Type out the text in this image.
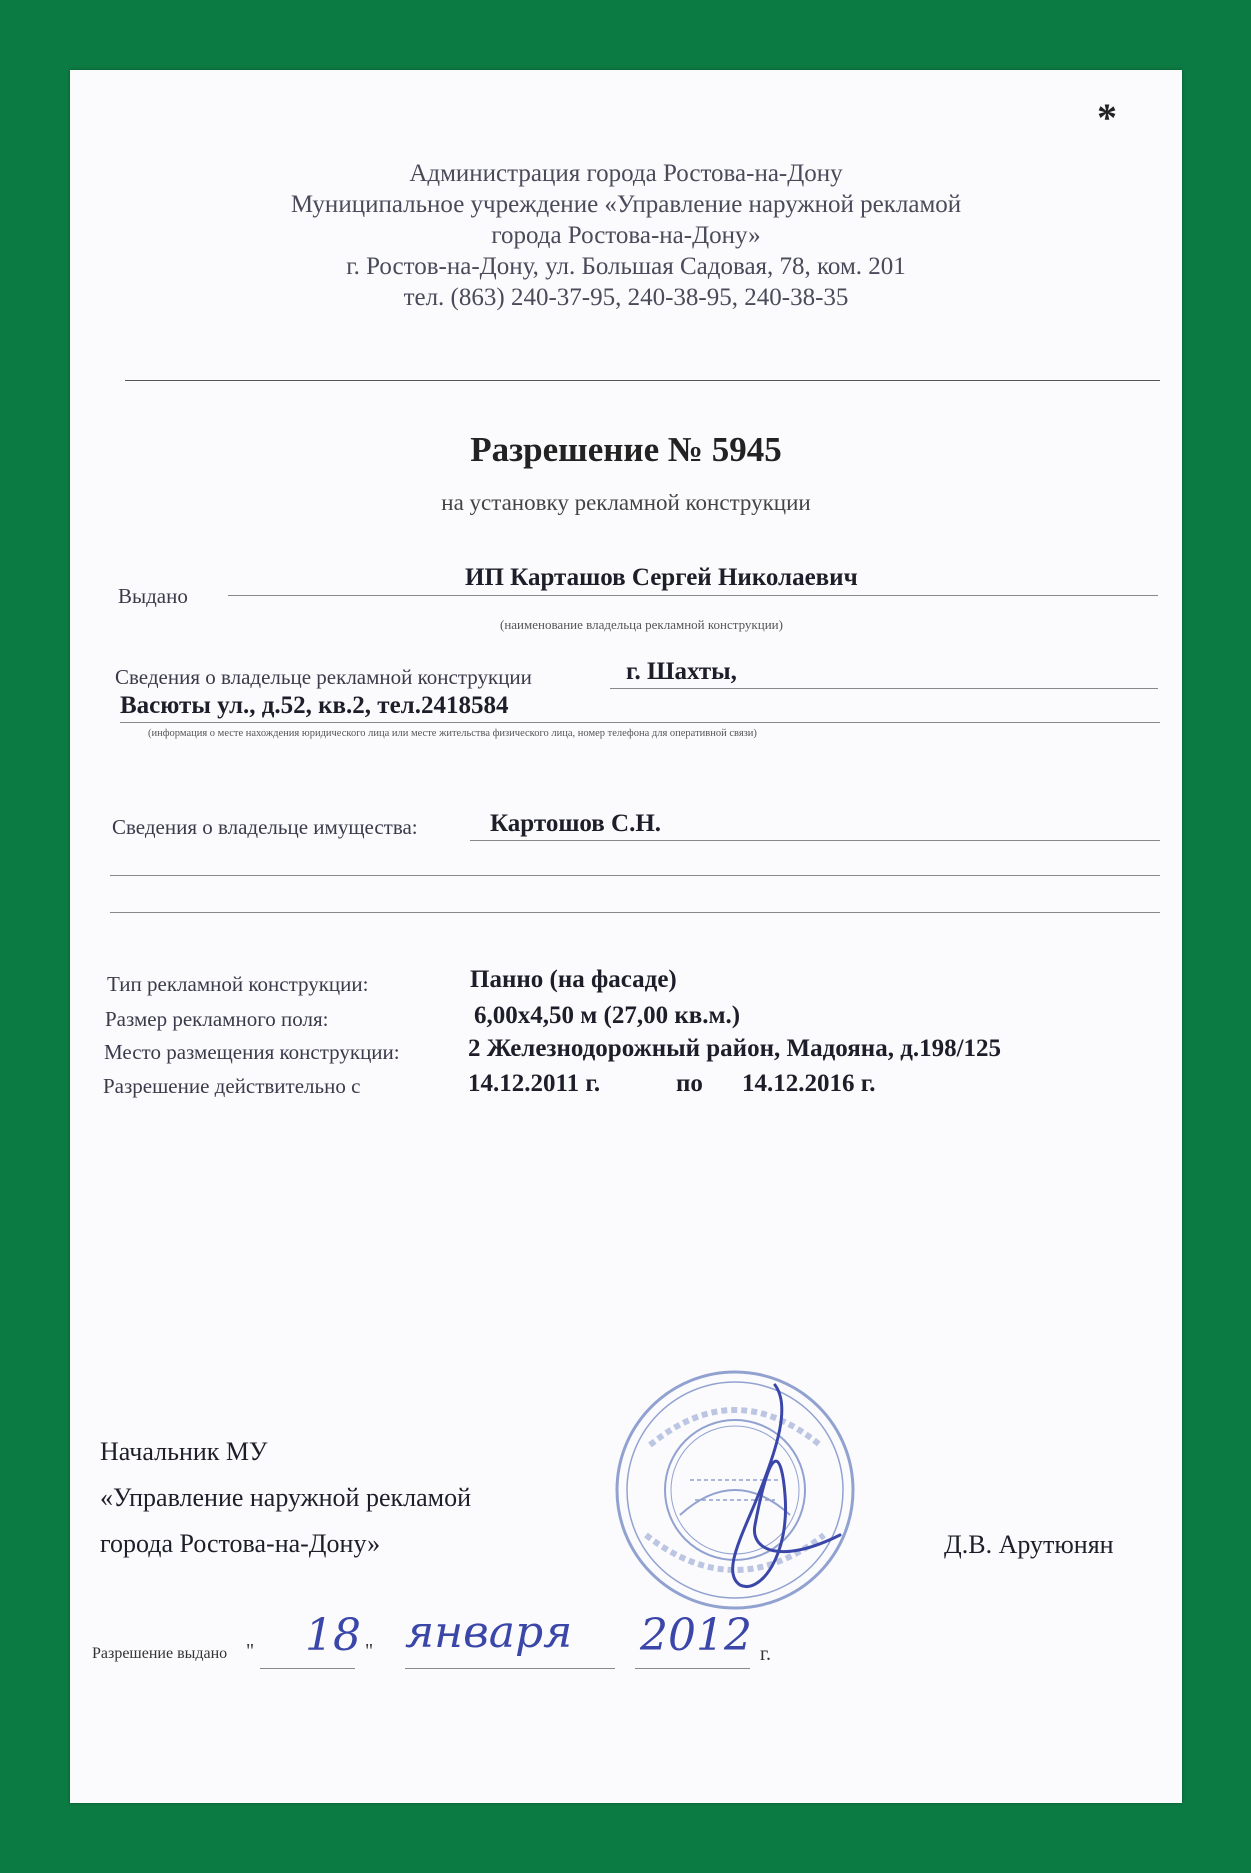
*
Администрация города Ростова-на-Дону
Муниципальное учреждение «Управление наружной рекламой
города Ростова-на-Дону»
г. Ростов-на-Дону, ул. Большая Садовая, 78, ком. 201
тел. (863) 240-37-95, 240-38-95, 240-38-35
Разрешение № 5945
на установку рекламной конструкции
Выдано
ИП Карташов Сергей Николаевич
(наименование владельца рекламной конструкции)
Сведения о владельце рекламной конструкции	г. Шахты,
Васюты ул., д.52, кв.2, тел.2418584
(информация о месте нахождения юридического лица или месте жительства физического лица, номер телефона для оперативной связи)
Сведения о владельце имущества:	Картошов С.Н.
Тип рекламной конструкции:	Панно (на фасаде)
Размер рекламного поля:	6,00х4,50 м (27,00 кв.м.)
Место размещения конструкции:	2 Железнодорожный район, Мадояна, д.198/125
Разрешение действительно с	14.12.2011 г.	по 14.12.2016 г.
Начальник МУ
«Управление наружной рекламой
города Ростова-на-Дону»	Д.В. Арутюнян
Разрешение выдано " 18 " января 2012 г.
